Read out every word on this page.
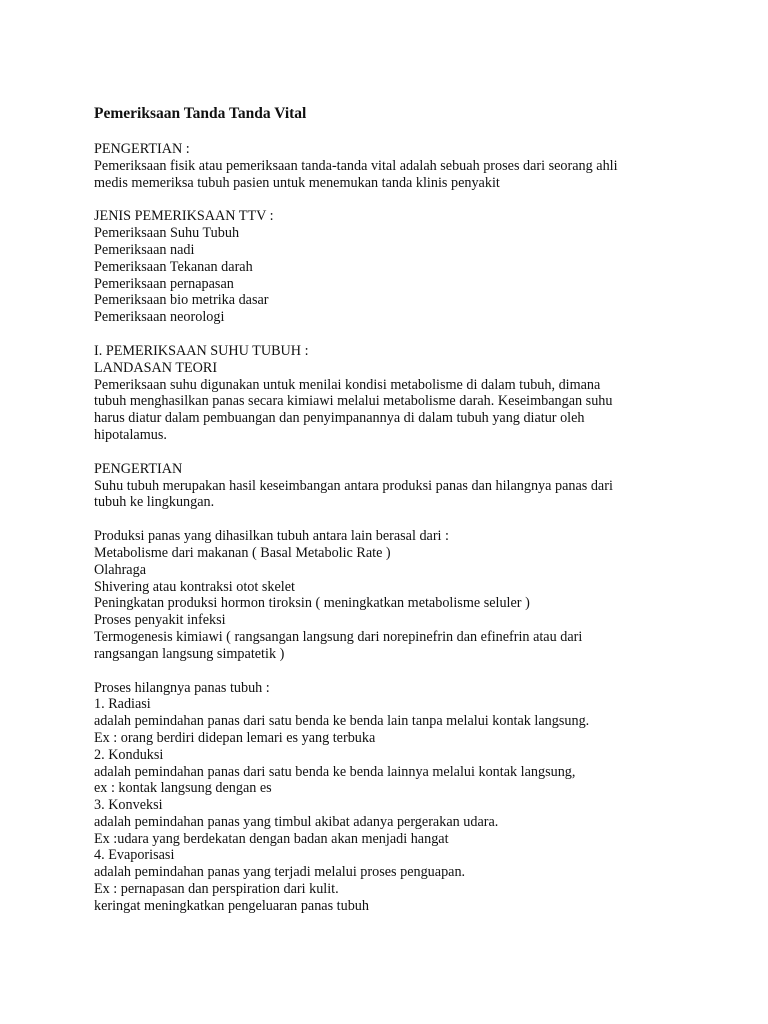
Pemeriksaan Tanda Tanda Vital
PENGERTIAN :
Pemeriksaan fisik atau pemeriksaan tanda-tanda vital adalah sebuah proses dari seorang ahli
medis memeriksa tubuh pasien untuk menemukan tanda klinis penyakit
JENIS PEMERIKSAAN TTV :
Pemeriksaan Suhu Tubuh
Pemeriksaan nadi
Pemeriksaan Tekanan darah
Pemeriksaan pernapasan
Pemeriksaan bio metrika dasar
Pemeriksaan neorologi
I. PEMERIKSAAN SUHU TUBUH :
LANDASAN TEORI
Pemeriksaan suhu digunakan untuk menilai kondisi metabolisme di dalam tubuh, dimana
tubuh menghasilkan panas secara kimiawi melalui metabolisme darah. Keseimbangan suhu
harus diatur dalam pembuangan dan penyimpanannya di dalam tubuh yang diatur oleh
hipotalamus.
PENGERTIAN
Suhu tubuh merupakan hasil keseimbangan antara produksi panas dan hilangnya panas dari
tubuh ke lingkungan.
Produksi panas yang dihasilkan tubuh antara lain berasal dari :
Metabolisme dari makanan ( Basal Metabolic Rate )
Olahraga
Shivering atau kontraksi otot skelet
Peningkatan produksi hormon tiroksin ( meningkatkan metabolisme seluler )
Proses penyakit infeksi
Termogenesis kimiawi ( rangsangan langsung dari norepinefrin dan efinefrin atau dari
rangsangan langsung simpatetik )
Proses hilangnya panas tubuh :
1. Radiasi
adalah pemindahan panas dari satu benda ke benda lain tanpa melalui kontak langsung.
Ex : orang berdiri didepan lemari es yang terbuka
2. Konduksi
adalah pemindahan panas dari satu benda ke benda lainnya melalui kontak langsung,
ex : kontak langsung dengan es
3. Konveksi
adalah pemindahan panas yang timbul akibat adanya pergerakan udara.
Ex :udara yang berdekatan dengan badan akan menjadi hangat
4. Evaporisasi
adalah pemindahan panas yang terjadi melalui proses penguapan.
Ex : pernapasan dan perspiration dari kulit.
keringat meningkatkan pengeluaran panas tubuh
